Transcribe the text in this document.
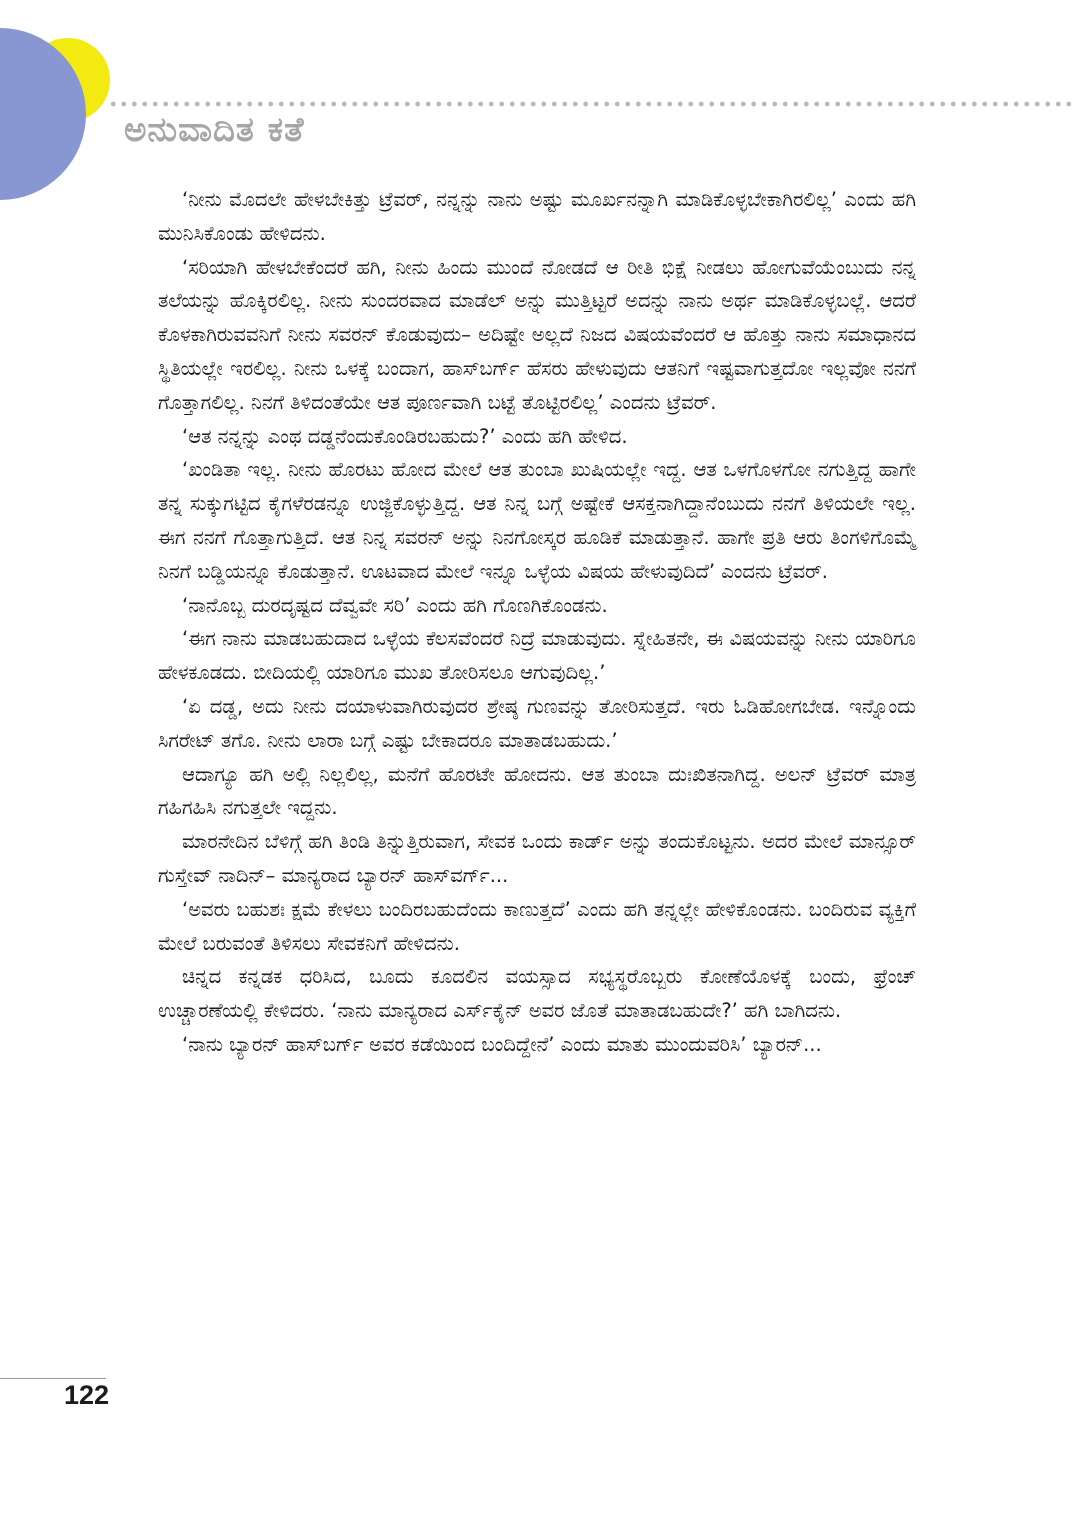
ಅನುವಾದಿತ ಕತೆ

‘ನೀನು ಮೊದಲೇ ಹೇಳಬೇಕಿತ್ತು ಟ್ರೆವರ್, ನನ್ನನ್ನು ನಾನು ಅಷ್ಟು ಮೂರ್ಖನನ್ನಾಗಿ ಮಾಡಿಕೊಳ್ಳಬೇಕಾಗಿರಲಿಲ್ಲ’ ಎಂದು ಹಗಿ ಮುನಿಸಿಕೊಂಡು ಹೇಳಿದನು.

‘ಸರಿಯಾಗಿ ಹೇಳಬೇಕೆಂದರೆ ಹಗಿ, ನೀನು ಹಿಂದು ಮುಂದೆ ನೋಡದೆ ಆ ರೀತಿ ಭಿಕ್ಷೆ ನೀಡಲು ಹೋಗುವೆಯೆಂಬುದು ನನ್ನ ತಲೆಯನ್ನು ಹೊಕ್ಕಿರಲಿಲ್ಲ. ನೀನು ಸುಂದರವಾದ ಮಾಡೆಲ್ ಅನ್ನು ಮುತ್ತಿಟ್ಟರೆ ಅದನ್ನು ನಾನು ಅರ್ಥ ಮಾಡಿಕೊಳ್ಳಬಲ್ಲೆ. ಆದರೆ ಕೊಳಕಾಗಿರುವವನಿಗೆ ನೀನು ಸವರನ್ ಕೊಡುವುದು– ಅದಿಷ್ಟೇ ಅಲ್ಲದೆ ನಿಜದ ವಿಷಯವೆಂದರೆ ಆ ಹೊತ್ತು ನಾನು ಸಮಾಧಾನದ ಸ್ಥಿತಿಯಲ್ಲೇ ಇರಲಿಲ್ಲ. ನೀನು ಒಳಕ್ಕೆ ಬಂದಾಗ, ಹಾಸ್‌ಬರ್ಗ್ ಹೆಸರು ಹೇಳುವುದು ಆತನಿಗೆ ಇಷ್ಟವಾಗುತ್ತದೋ ಇಲ್ಲವೋ ನನಗೆ ಗೊತ್ತಾಗಲಿಲ್ಲ. ನಿನಗೆ ತಿಳಿದಂತೆಯೇ ಆತ ಪೂರ್ಣವಾಗಿ ಬಟ್ಟೆ ತೊಟ್ಟಿರಲಿಲ್ಲ’ ಎಂದನು ಟ್ರೆವರ್.

‘ಆತ ನನ್ನನ್ನು ಎಂಥ ದಡ್ಡನೆಂದುಕೊಂಡಿರಬಹುದು?’ ಎಂದು ಹಗಿ ಹೇಳಿದ.

‘ಖಂಡಿತಾ ಇಲ್ಲ. ನೀನು ಹೊರಟು ಹೋದ ಮೇಲೆ ಆತ ತುಂಬಾ ಖುಷಿಯಲ್ಲೇ ಇದ್ದ. ಆತ ಒಳಗೊಳಗೋ ನಗುತ್ತಿದ್ದ ಹಾಗೇ ತನ್ನ ಸುಕ್ಕುಗಟ್ಟಿದ ಕೈಗಳೆರಡನ್ನೂ ಉಜ್ಜಿಕೊಳ್ಳುತ್ತಿದ್ದ. ಆತ ನಿನ್ನ ಬಗ್ಗೆ ಅಷ್ಟೇಕೆ ಆಸಕ್ತನಾಗಿದ್ದಾನೆಂಬುದು ನನಗೆ ತಿಳಿಯಲೇ ಇಲ್ಲ. ಈಗ ನನಗೆ ಗೊತ್ತಾಗುತ್ತಿದೆ. ಆತ ನಿನ್ನ ಸವರನ್ ಅನ್ನು ನಿನಗೋಸ್ಕರ ಹೂಡಿಕೆ ಮಾಡುತ್ತಾನೆ. ಹಾಗೇ ಪ್ರತಿ ಆರು ತಿಂಗಳಿಗೊಮ್ಮೆ ನಿನಗೆ ಬಡ್ಡಿಯನ್ನೂ ಕೊಡುತ್ತಾನೆ. ಊಟವಾದ ಮೇಲೆ ಇನ್ನೂ ಒಳ್ಳೆಯ ವಿಷಯ ಹೇಳುವುದಿದೆ’ ಎಂದನು ಟ್ರೆವರ್.

‘ನಾನೊಬ್ಬ ದುರದೃಷ್ಟದ ದೆವ್ವವೇ ಸರಿ’ ಎಂದು ಹಗಿ ಗೊಣಗಿಕೊಂಡನು.

‘ಈಗ ನಾನು ಮಾಡಬಹುದಾದ ಒಳ್ಳೆಯ ಕೆಲಸವೆಂದರೆ ನಿದ್ರೆ ಮಾಡುವುದು. ಸ್ನೇಹಿತನೇ, ಈ ವಿಷಯವನ್ನು ನೀನು ಯಾರಿಗೂ ಹೇಳಕೂಡದು. ಬೀದಿಯಲ್ಲಿ ಯಾರಿಗೂ ಮುಖ ತೋರಿಸಲೂ ಆಗುವುದಿಲ್ಲ.’

‘ಏ ದಡ್ಡ, ಅದು ನೀನು ದಯಾಳುವಾಗಿರುವುದರ ಶ್ರೇಷ್ಠ ಗುಣವನ್ನು ತೋರಿಸುತ್ತದೆ. ಇರು ಓಡಿಹೋಗಬೇಡ. ಇನ್ನೊಂದು ಸಿಗರೇಟ್ ತಗೊ. ನೀನು ಲಾರಾ ಬಗ್ಗೆ ಎಷ್ಟು ಬೇಕಾದರೂ ಮಾತಾಡಬಹುದು.’

ಆದಾಗ್ಯೂ ಹಗಿ ಅಲ್ಲಿ ನಿಲ್ಲಲಿಲ್ಲ, ಮನೆಗೆ ಹೊರಟೇ ಹೋದನು. ಆತ ತುಂಬಾ ದುಃಖಿತನಾಗಿದ್ದ. ಅಲನ್ ಟ್ರೆವರ್ ಮಾತ್ರ ಗಹಿಗಹಿಸಿ ನಗುತ್ತಲೇ ಇದ್ದನು.

ಮಾರನೇದಿನ ಬೆಳಿಗ್ಗೆ ಹಗಿ ತಿಂಡಿ ತಿನ್ನುತ್ತಿರುವಾಗ, ಸೇವಕ ಒಂದು ಕಾರ್ಡ್ ಅನ್ನು ತಂದುಕೊಟ್ಟನು. ಅದರ ಮೇಲೆ ಮಾನ್ಸೂರ್ ಗುಸ್ತೇವ್ ನಾದಿನ್– ಮಾನ್ಯರಾದ ಬ್ಯಾರನ್ ಹಾಸ್‌ವರ್ಗ್...

‘ಅವರು ಬಹುಶಃ ಕ್ಷಮೆ ಕೇಳಲು ಬಂದಿರಬಹುದೆಂದು ಕಾಣುತ್ತದೆ’ ಎಂದು ಹಗಿ ತನ್ನಲ್ಲೇ ಹೇಳಿಕೊಂಡನು. ಬಂದಿರುವ ವ್ಯಕ್ತಿಗೆ ಮೇಲೆ ಬರುವಂತೆ ತಿಳಿಸಲು ಸೇವಕನಿಗೆ ಹೇಳಿದನು.

ಚಿನ್ನದ ಕನ್ನಡಕ ಧರಿಸಿದ, ಬೂದು ಕೂದಲಿನ ವಯಸ್ಸಾದ ಸಭ್ಯಸ್ಥರೊಬ್ಬರು ಕೋಣೆಯೊಳಕ್ಕೆ ಬಂದು, ಫ್ರೆಂಚ್ ಉಚ್ಚಾರಣೆಯಲ್ಲಿ ಕೇಳಿದರು. ‘ನಾನು ಮಾನ್ಯರಾದ ಎರ್ಸ್‌ಕೈನ್ ಅವರ ಜೊತೆ ಮಾತಾಡಬಹುದೇ?’ ಹಗಿ ಬಾಗಿದನು.

‘ನಾನು ಬ್ಯಾರನ್ ಹಾಸ್‌ಬರ್ಗ್ ಅವರ ಕಡೆಯಿಂದ ಬಂದಿದ್ದೇನೆ’ ಎಂದು ಮಾತು ಮುಂದುವರಿಸಿ’ ಬ್ಯಾರನ್...

122
